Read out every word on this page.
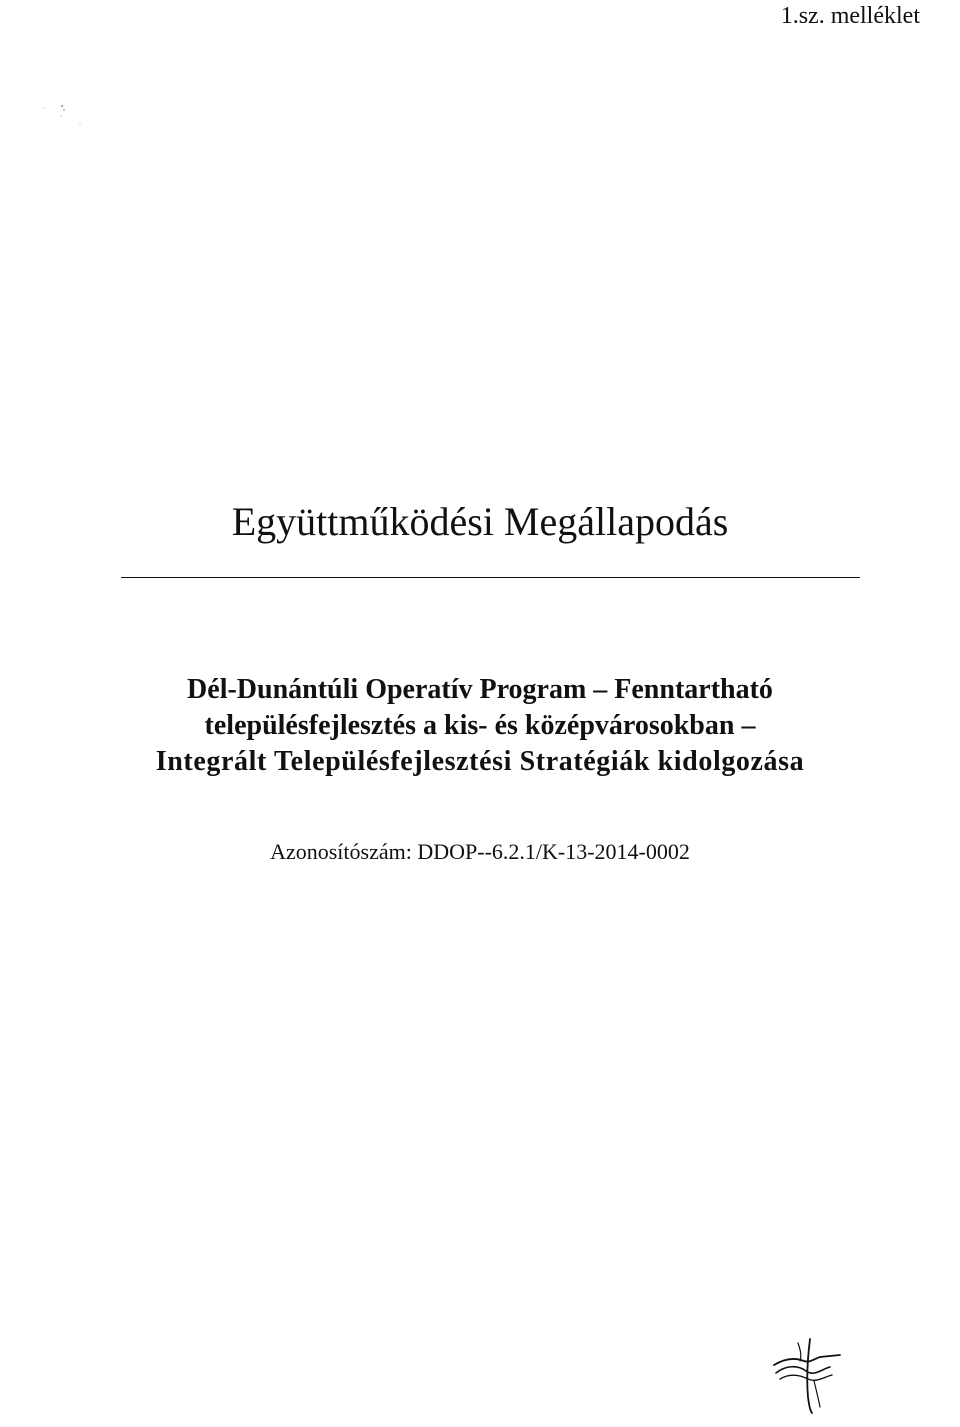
1.sz. melléklet
Együttműködési Megállapodás
Dél-Dunántúli Operatív Program – Fenntartható
településfejlesztés a kis- és középvárosokban –
Integrált Településfejlesztési Stratégiák kidolgozása
Azonosítószám: DDOP--6.2.1/K-13-2014-0002
